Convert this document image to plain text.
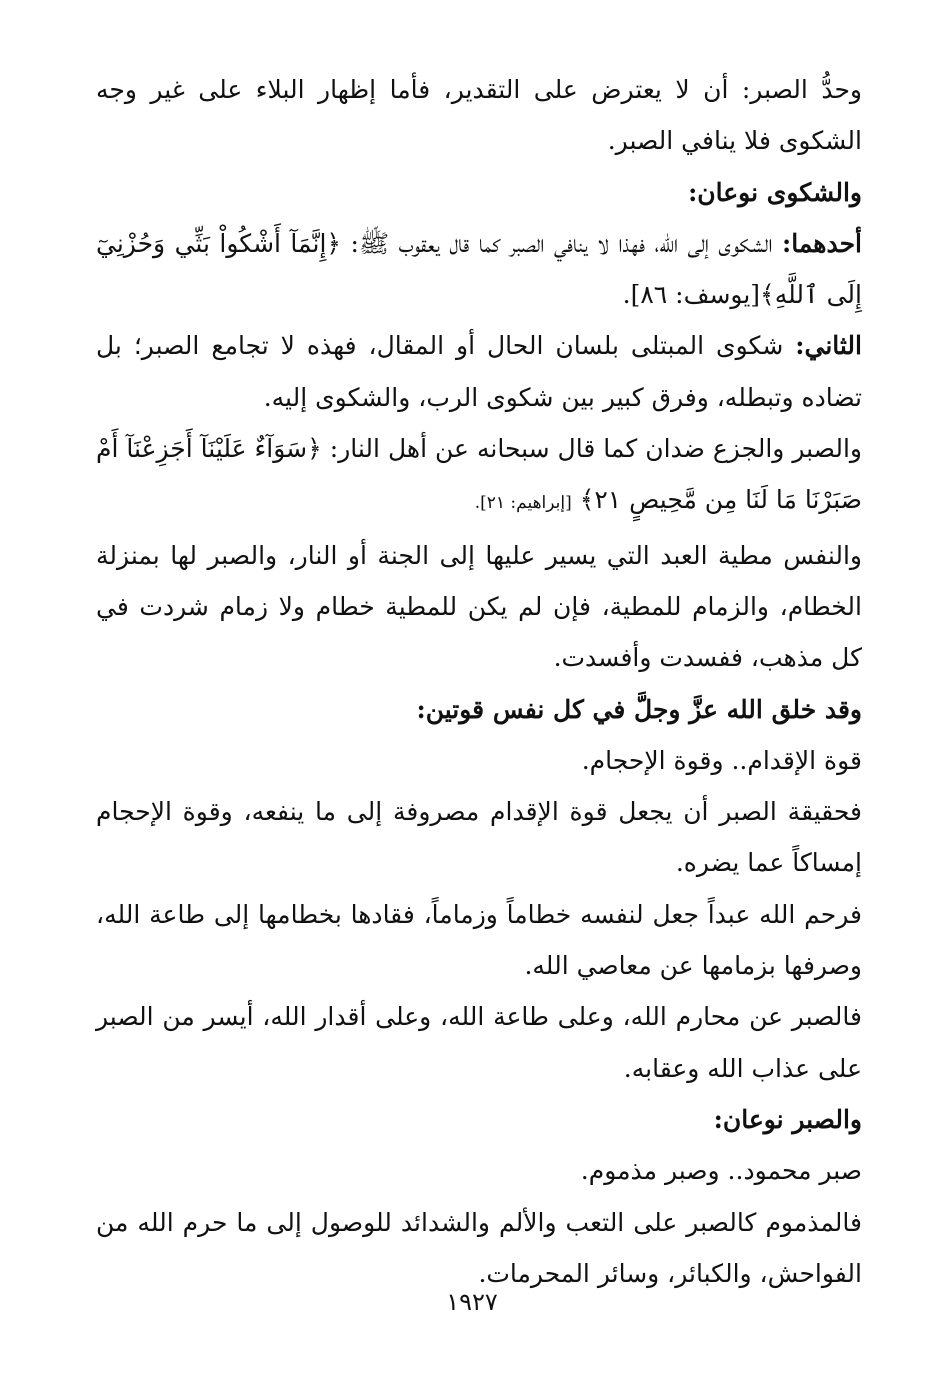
وحدُّ الصبر: أن لا يعترض على التقدير، فأما إظهار البلاء على غير وجه الشكوى فلا ينافي الصبر.

والشكوى نوعان:

أحدهما: الشكوى إلى الله، فهذا لا ينافي الصبر كما قال يعقوب ﷺ: ﴿إِنَّمَآ أَشْكُواْ بَثِّي وَحُزْنِيٓ إِلَى ٱللَّهِ﴾[يوسف: ٨٦].

الثاني: شكوى المبتلى بلسان الحال أو المقال، فهذه لا تجامع الصبر؛ بل تضاده وتبطله، وفرق كبير بين شكوى الرب، والشكوى إليه.

والصبر والجزع ضدان كما قال سبحانه عن أهل النار: ﴿سَوَآءٌ عَلَيْنَآ أَجَزِعْنَآ أَمْ صَبَرْنَا مَا لَنَا مِن مَّحِيصٍ ٢١﴾ [إبراهيم: ٢١].

والنفس مطية العبد التي يسير عليها إلى الجنة أو النار، والصبر لها بمنزلة الخطام، والزمام للمطية، فإن لم يكن للمطية خطام ولا زمام شردت في كل مذهب، ففسدت وأفسدت.

وقد خلق الله عزَّ وجلَّ في كل نفس قوتين:

قوة الإقدام.. وقوة الإحجام.

فحقيقة الصبر أن يجعل قوة الإقدام مصروفة إلى ما ينفعه، وقوة الإحجام إمساكاً عما يضره.

فرحم الله عبداً جعل لنفسه خطاماً وزماماً، فقادها بخطامها إلى طاعة الله، وصرفها بزمامها عن معاصي الله.

فالصبر عن محارم الله، وعلى طاعة الله، وعلى أقدار الله، أيسر من الصبر على عذاب الله وعقابه.

والصبر نوعان:

صبر محمود.. وصبر مذموم.

فالمذموم كالصبر على التعب والألم والشدائد للوصول إلى ما حرم الله من الفواحش، والكبائر، وسائر المحرمات.

١٩٢٧
